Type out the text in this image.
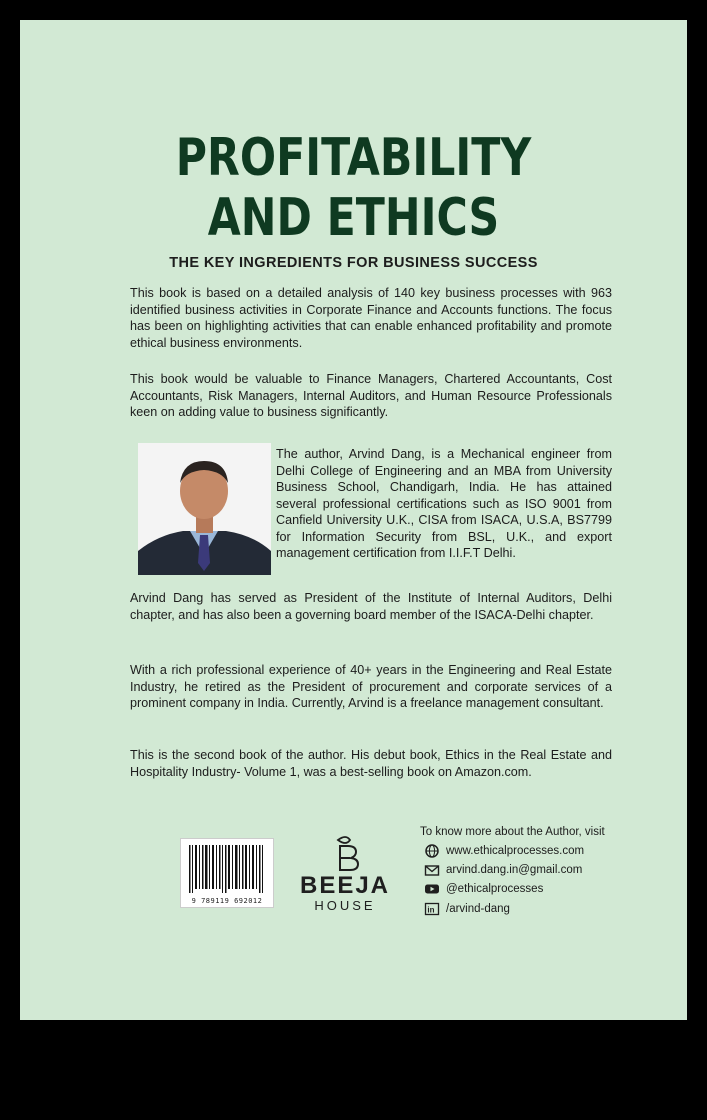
PROFITABILITY
AND ETHICS
THE KEY INGREDIENTS FOR BUSINESS SUCCESS
This book is based on a detailed analysis of 140 key business processes with 963 identified business activities in Corporate Finance and Accounts functions. The focus has been on highlighting activities that can enable enhanced profitability and promote ethical business environments.
This book would be valuable to Finance Managers, Chartered Accountants, Cost Accountants, Risk Managers, Internal Auditors, and Human Resource Professionals keen on adding value to business significantly.
The author, Arvind Dang, is a Mechanical engineer from Delhi College of Engineering and an MBA from University Business School, Chandigarh, India. He has attained several professional certifications such as ISO 9001 from Canfield University U.K., CISA from ISACA, U.S.A, BS7799 for Information Security from BSL, U.K., and export management certification from I.I.F.T Delhi.
Arvind Dang has served as President of the Institute of Internal Auditors, Delhi chapter, and has also been a governing board member of the ISACA-Delhi chapter.
With a rich professional experience of 40+ years in the Engineering and Real Estate Industry, he retired as the President of procurement and corporate services of a prominent company in India. Currently, Arvind is a freelance management consultant.
This is the second book of the author. His debut book, Ethics in the Real Estate and Hospitality Industry- Volume 1, was a best-selling book on Amazon.com.
9 789119 692012
BEEJA
HOUSE
To know more about the Author, visit
www.ethicalprocesses.com
arvind.dang.in@gmail.com
@ethicalprocesses
in /arvind-dang
